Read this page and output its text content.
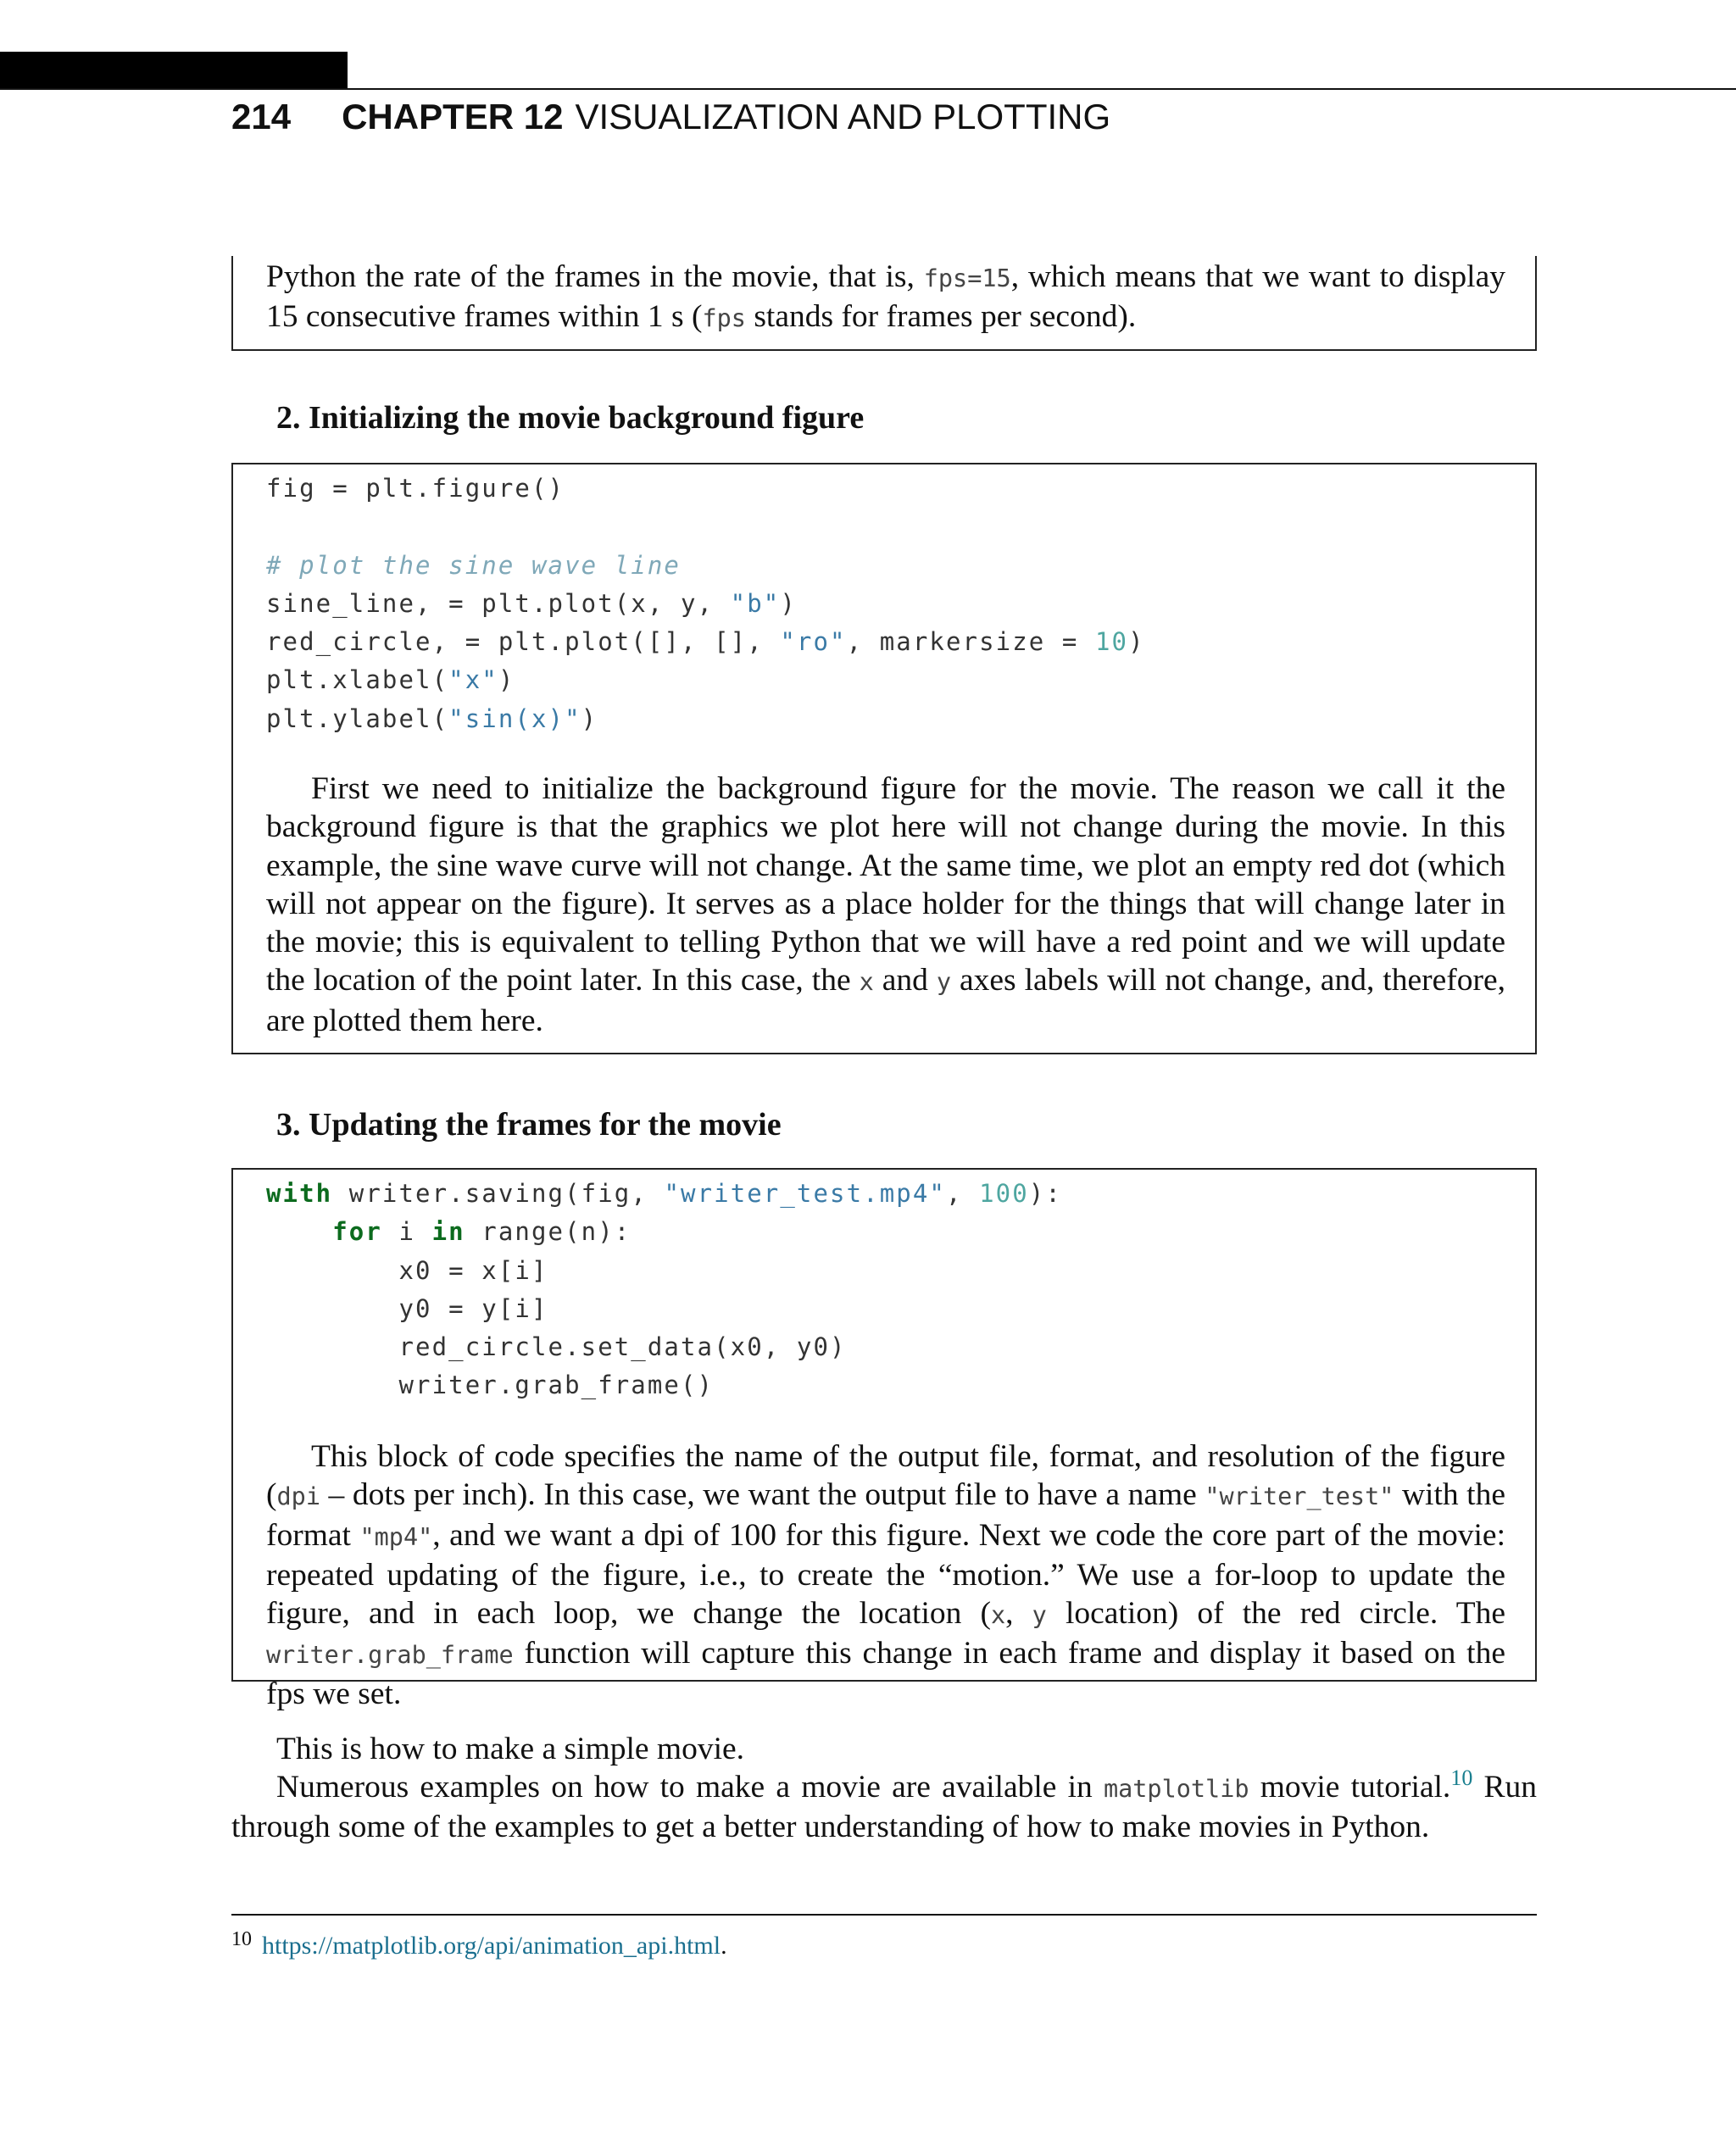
214 CHAPTER 12 VISUALIZATION AND PLOTTING

Python the rate of the frames in the movie, that is, fps=15, which means that we want to display 15 consecutive frames within 1 s (fps stands for frames per second).

2. Initializing the movie background figure
fig = plt.figure()

# plot the sine wave line
sine_line, = plt.plot(x, y, "b")
red_circle, = plt.plot([], [], "ro", markersize = 10)
plt.xlabel("x")
plt.ylabel("sin(x)")

First we need to initialize the background figure for the movie. The reason we call it the background figure is that the graphics we plot here will not change during the movie. In this example, the sine wave curve will not change. At the same time, we plot an empty red dot (which will not appear on the figure). It serves as a place holder for the things that will change later in the movie; this is equivalent to telling Python that we will have a red point and we will update the location of the point later. In this case, the x and y axes labels will not change, and, therefore, are plotted them here.

3. Updating the frames for the movie
with writer.saving(fig, "writer_test.mp4", 100):
for i in range(n):
x0 = x[i]
y0 = y[i]
red_circle.set_data(x0, y0)
writer.grab_frame()

This block of code specifies the name of the output file, format, and resolution of the figure (dpi – dots per inch). In this case, we want the output file to have a name "writer_test" with the format "mp4", and we want a dpi of 100 for this figure. Next we code the core part of the movie: repeated updating of the figure, i.e., to create the “motion.” We use a for-loop to update the figure, and in each loop, we change the location (x, y location) of the red circle. The writer.grab_frame function will capture this change in each frame and display it based on the fps we set.

This is how to make a simple movie.

Numerous examples on how to make a movie are available in matplotlib movie tutorial.$^{10}$ Run through some of the examples to get a better understanding of how to make movies in Python.

$^{10}$ https://matplotlib.org/api/animation_api.html.
